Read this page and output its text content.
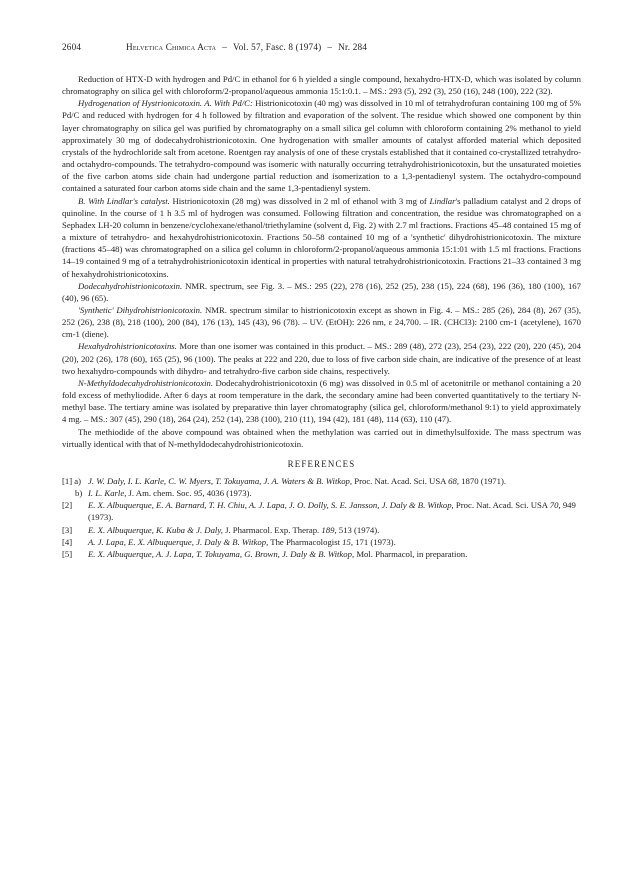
2604	Helvetica Chimica Acta – Vol. 57, Fasc. 8 (1974) – Nr. 284

Reduction of HTX-D with hydrogen and Pd/C in ethanol for 6 h yielded a single compound, hexahydro-HTX-D, which was isolated by column chromatography on silica gel with chloroform/2-propanol/aqueous ammonia 15:1:0.1. – MS.: 293 (5), 292 (3), 250 (16), 248 (100), 222 (32).

Hydrogenation of Hystrionicotoxin. A. With Pd/C: Histrionicotoxin (40 mg) was dissolved in 10 ml of tetrahydrofuran containing 100 mg of 5% Pd/C and reduced with hydrogen for 4 h followed by filtration and evaporation of the solvent. The residue which showed one component by thin layer chromatography on silica gel was purified by chromatography on a small silica gel column with chloroform containing 2% methanol to yield approximately 30 mg of dodecahydrohistrionicotoxin. One hydrogenation with smaller amounts of catalyst afforded material which deposited crystals of the hydrochloride salt from acetone. Roentgen ray analysis of one of these crystals established that it contained co-crystallized tetrahydro- and octahydro-compounds. The tetrahydro-compound was isomeric with naturally occurring tetrahydrohistrionicotoxin, but the unsaturated moieties of the five carbon atoms side chain had undergone partial reduction and isomerization to a 1,3-pentadienyl system. The octahydro-compound contained a saturated four carbon atoms side chain and the same 1,3-pentadienyl system.

B. With Lindlar's catalyst. Histrionicotoxin (28 mg) was dissolved in 2 ml of ethanol with 3 mg of Lindlar's palladium catalyst and 2 drops of quinoline. In the course of 1 h 3.5 ml of hydrogen was consumed. Following filtration and concentration, the residue was chromatographed on a Sephadex LH-20 column in benzene/cyclohexane/ethanol/triethylamine (solvent d, Fig. 2) with 2.7 ml fractions. Fractions 45–48 contained 15 mg of a mixture of tetrahydro- and hexahydrohistrionicotoxin. Fractions 50–58 contained 10 mg of a 'synthetic' dihydrohistrionicotoxin. The mixture (fractions 45–48) was chromatographed on a silica gel column in chloroform/2-propanol/aqueous ammonia 15:1:01 with 1.5 ml fractions. Fractions 14–19 contained 9 mg of a tetrahydrohistrionicotoxin identical in properties with natural tetrahydrohistrionicotoxin. Fractions 21–33 contained 3 mg of hexahydrohistrionicotoxins.

Dodecahydrohistrionicotoxin. NMR. spectrum, see Fig. 3. – MS.: 295 (22), 278 (16), 252 (25), 238 (15), 224 (68), 196 (36), 180 (100), 167 (40), 96 (65).

'Synthetic' Dihydrohistrionicotoxin. NMR. spectrum similar to histrionicotoxin except as shown in Fig. 4. – MS.: 285 (26), 284 (8), 267 (35), 252 (26), 238 (8), 218 (100), 200 (84), 176 (13), 145 (43), 96 (78). – UV. (EtOH): 226 nm, ε 24,700. – IR. (CHCl3): 2100 cm-1 (acetylene), 1670 cm-1 (diene).

Hexahydrohistrionicotoxins. More than one isomer was contained in this product. – MS.: 289 (48), 272 (23), 254 (23), 222 (20), 220 (45), 204 (20), 202 (26), 178 (60), 165 (25), 96 (100). The peaks at 222 and 220, due to loss of five carbon side chain, are indicative of the presence of at least two hexahydro-compounds with dihydro- and tetrahydro-five carbon side chains, respectively.

N-Methyldodecahydrohistrionicotoxin. Dodecahydrohistrionicotoxin (6 mg) was dissolved in 0.5 ml of acetonitrile or methanol containing a 20 fold excess of methyliodide. After 6 days at room temperature in the dark, the secondary amine had been converted quantitatively to the tertiary N-methyl base. The tertiary amine was isolated by preparative thin layer chromatography (silica gel, chloroform/methanol 9:1) to yield approximately 4 mg. – MS.: 307 (45), 290 (18), 264 (24), 252 (14), 238 (100), 210 (11), 194 (42), 181 (48), 114 (63), 110 (47).

The methiodide of the above compound was obtained when the methylation was carried out in dimethylsulfoxide. The mass spectrum was virtually identical with that of N-methyldodecahydrohistrionicotoxin.

REFERENCES
[1] a) J. W. Daly, I. L. Karle, C. W. Myers, T. Tokuyama, J. A. Waters & B. Witkop, Proc. Nat. Acad. Sci. USA 68, 1870 (1971).
b) I. L. Karle, J. Am. chem. Soc. 95, 4036 (1973).
[2] E. X. Albuquerque, E. A. Barnard, T. H. Chiu, A. J. Lapa, J. O. Dolly, S. E. Jansson, J. Daly & B. Witkop, Proc. Nat. Acad. Sci. USA 70, 949 (1973).
[3] E. X. Albuquerque, K. Kuba & J. Daly, J. Pharmacol. Exp. Therap. 189, 513 (1974).
[4] A. J. Lapa, E. X. Albuquerque, J. Daly & B. Witkop, The Pharmacologist 15, 171 (1973).
[5] E. X. Albuquerque, A. J. Lapa, T. Tokuyama, G. Brown, J. Daly & B. Witkop, Mol. Pharmacol, in preparation.
